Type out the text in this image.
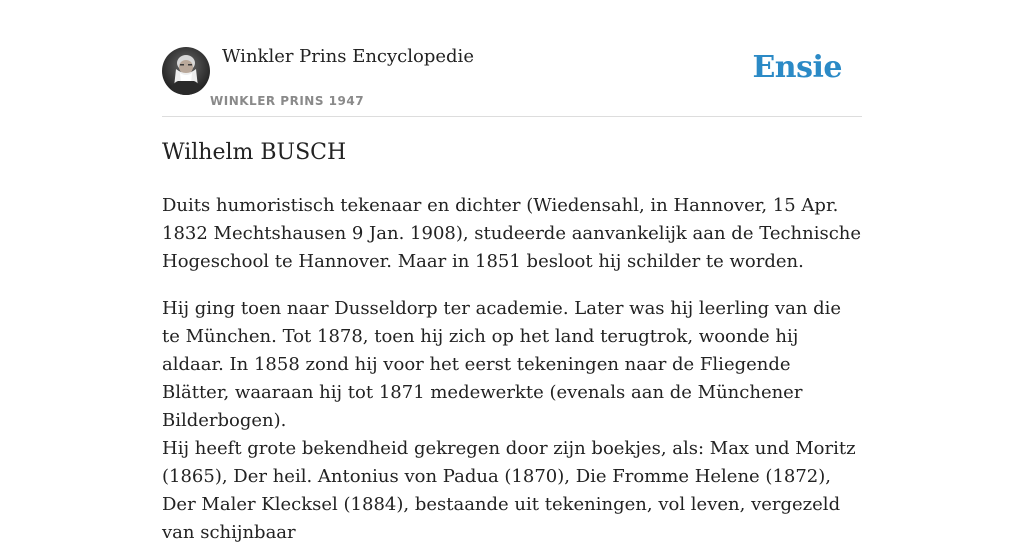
Winkler Prins Encyclopedie
WINKLER PRINS 1947
Ensie
Wilhelm BUSCH

Duits humoristisch tekenaar en dichter (Wiedensahl, in Hannover, 15 Apr. 1832 Mechtshausen 9 Jan. 1908), studeerde aanvankelijk aan de Technische Hogeschool te Hannover. Maar in 1851 besloot hij schilder te worden.

Hij ging toen naar Dusseldorp ter academie. Later was hij leerling van die te München. Tot 1878, toen hij zich op het land terugtrok, woonde hij aldaar. In 1858 zond hij voor het eerst tekeningen naar de Fliegende Blätter, waaraan hij tot 1871 medewerkte (evenals aan de Münchener Bilderbogen).

Hij heeft grote bekendheid gekregen door zijn boekjes, als: Max und Moritz (1865), Der heil. Antonius von Padua (1870), Die Fromme Helene (1872), Der Maler Klecksel (1884), bestaande uit tekeningen, vol leven, vergezeld van schijnbaar
